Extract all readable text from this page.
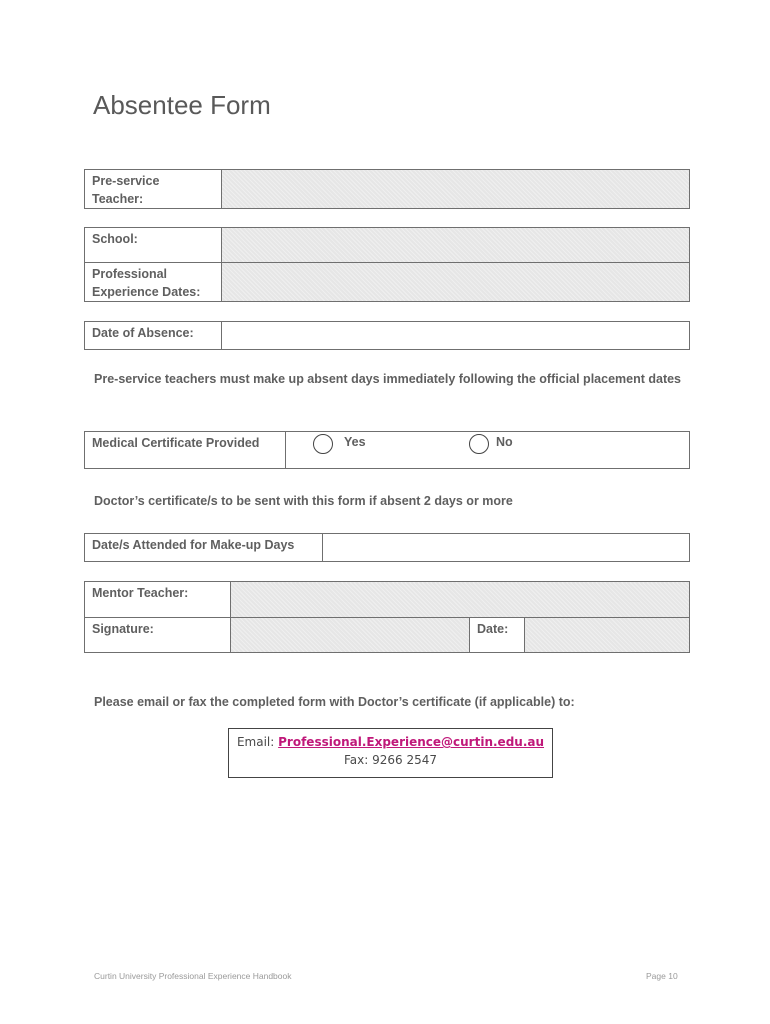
Absentee Form
Pre-service Teacher:	
School:	
Professional Experience Dates:	
Date of Absence:	
Pre-service teachers must make up absent days immediately following the official placement dates
Medical Certificate Provided		Yes	No
Doctor’s certificate/s to be sent with this form if absent 2 days or more
Date/s Attended for Make-up Days	
Mentor Teacher:			
Signature:		Date:	
Please email or fax the completed form with Doctor’s certificate (if applicable) to:
Email: Professional.Experience@curtin.edu.au
Fax: 9266 2547
Curtin University Professional Experience Handbook	Page 10
